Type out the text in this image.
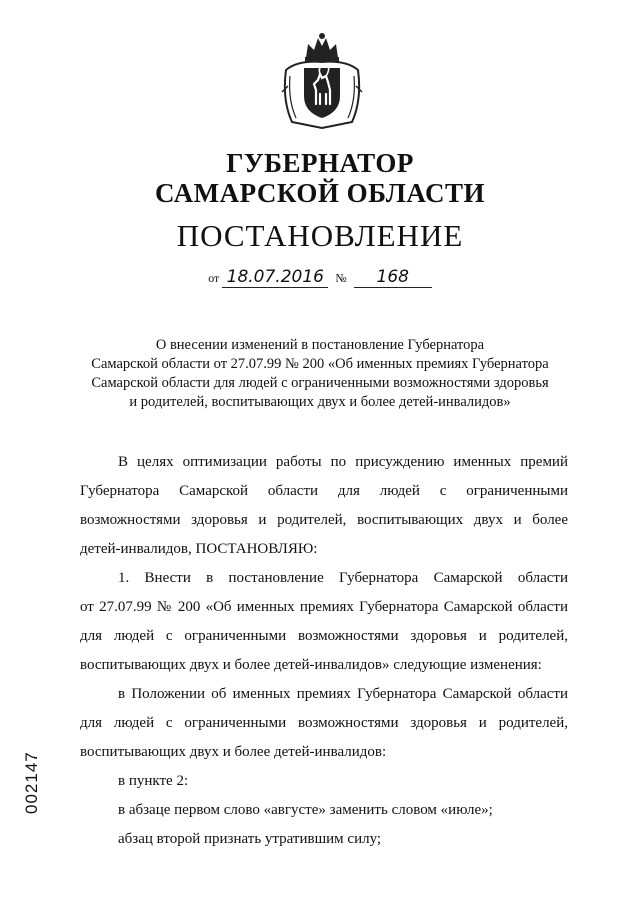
ГУБЕРНАТОР
САМАРСКОЙ ОБЛАСТИ
ПОСТАНОВЛЕНИЕ
от 18.07.2016 № 168
О внесении изменений в постановление Губернатора
Самарской области от 27.07.99 № 200 «Об именных премиях Губернатора
Самарской области для людей с ограниченными возможностями здоровья
и родителей, воспитывающих двух и более детей-инвалидов»
В целях оптимизации работы по присуждению именных премий
Губернатора Самарской области для людей с ограниченными
возможностями здоровья и родителей, воспитывающих двух и более
детей-инвалидов, ПОСТАНОВЛЯЮ:
1. Внести в постановление Губернатора Самарской области
от 27.07.99 № 200 «Об именных премиях Губернатора Самарской области
для людей с ограниченными возможностями здоровья и родителей,
воспитывающих двух и более детей-инвалидов» следующие изменения:
в Положении об именных премиях Губернатора Самарской области
для людей с ограниченными возможностями здоровья и родителей,
воспитывающих двух и более детей-инвалидов:
в пункте 2:
в абзаце первом слово «августе» заменить словом «июле»;
абзац второй признать утратившим силу;
002147
